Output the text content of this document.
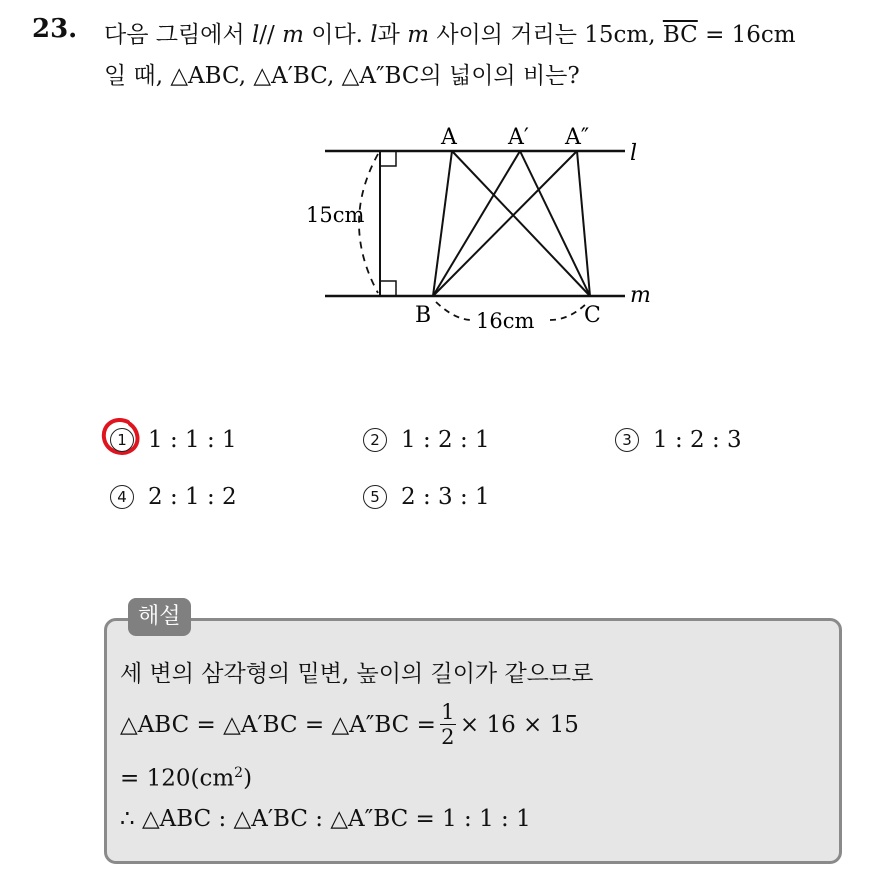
23. 다음 그림에서 l// m 이다. l과 m 사이의 거리는 15cm, $\overline{BC} = 16cm$
일 때, △ABC, △A′BC, △A″BC의 넓이의 비는?
A A′ A″
l
m
B	C
15cm
16cm
1 1 : 1 : 1	2 1 : 2 : 1	3 1 : 2 : 3
4 2 : 1 : 2	5 2 : 3 : 1
해설
세 변의 삼각형의 밑변, 높이의 길이가 같으므로
△ABC = △A′BC = △A″BC = $\frac{1}{2} \times 16 \times 15$
= $120(cm^2)$
∴ △ABC : △A′BC : △A″BC = 1 : 1 : 1
